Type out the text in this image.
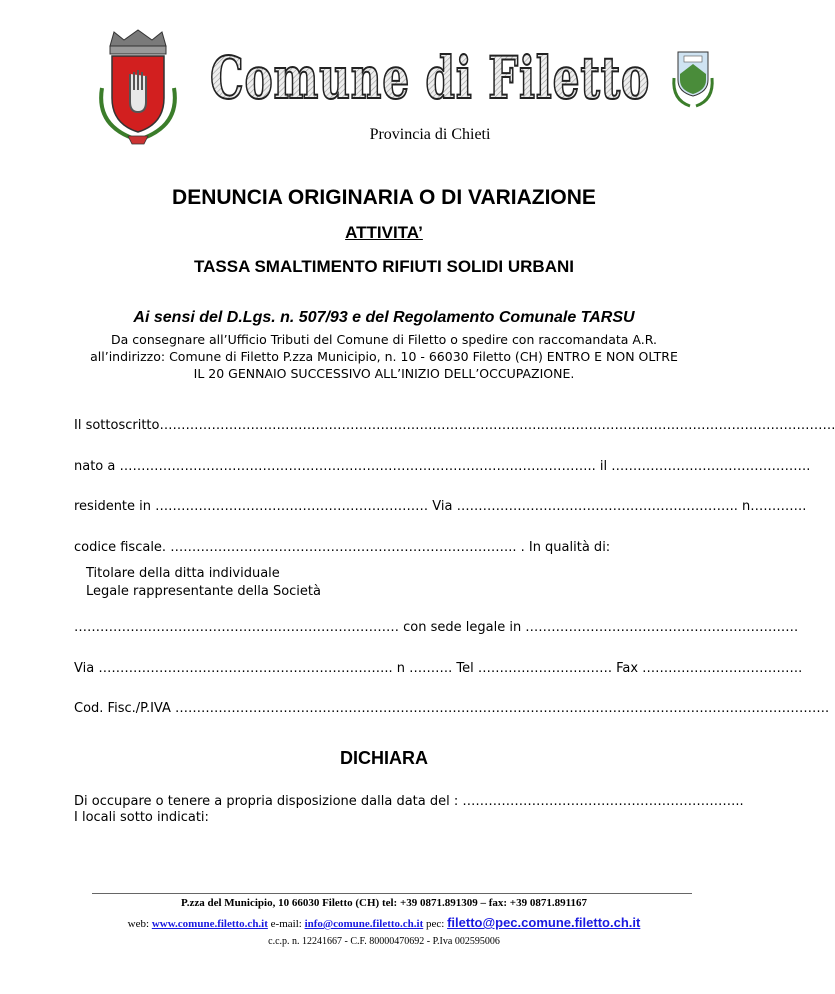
Comune di Filetto
Provincia di Chieti
DENUNCIA ORIGINARIA O DI VARIAZIONE
ATTIVITA’
TASSA SMALTIMENTO RIFIUTI SOLIDI URBANI
Ai sensi del D.Lgs. n. 507/93 e del Regolamento Comunale TARSU
Da consegnare all’Ufficio Tributi del Comune di Filetto o spedire con raccomandata A.R.
all’indirizzo: Comune di Filetto P.zza Municipio, n. 10 - 66030 Filetto (CH) ENTRO E NON OLTRE
IL 20 GENNAIO SUCCESSIVO ALL’INIZIO DELL’OCCUPAZIONE.
Il sottoscritto…………………………………………………………………………………………………………………………………………
nato a ……………………………………………………………………………………………….. il ……………………………………….
residente in ……………………………………………………… Via ……………………………………………………….. n………….
codice fiscale. …………………………………………………………………….. . In qualità di:
Titolare della ditta individuale
Legale rappresentante della Società
………………………………………………………………… con sede legale in ………………………………………………………
Via ………………………………………………………….. n ………. Tel …………………………. Fax ……………………………….
Cod. Fisc./P.IVA …………………………………………………………………………………………………………………………………….
DICHIARA
Di occupare o tenere a propria disposizione dalla data del : ………………………………………………………..
I locali sotto indicati:
P.zza del Municipio, 10 66030 Filetto (CH) tel: +39 0871.891309 – fax: +39 0871.891167
web: www.comune.filetto.ch.it e-mail: info@comune.filetto.ch.it pec: filetto@pec.comune.filetto.ch.it
c.c.p. n. 12241667 - C.F. 80000470692 - P.Iva 002595006
